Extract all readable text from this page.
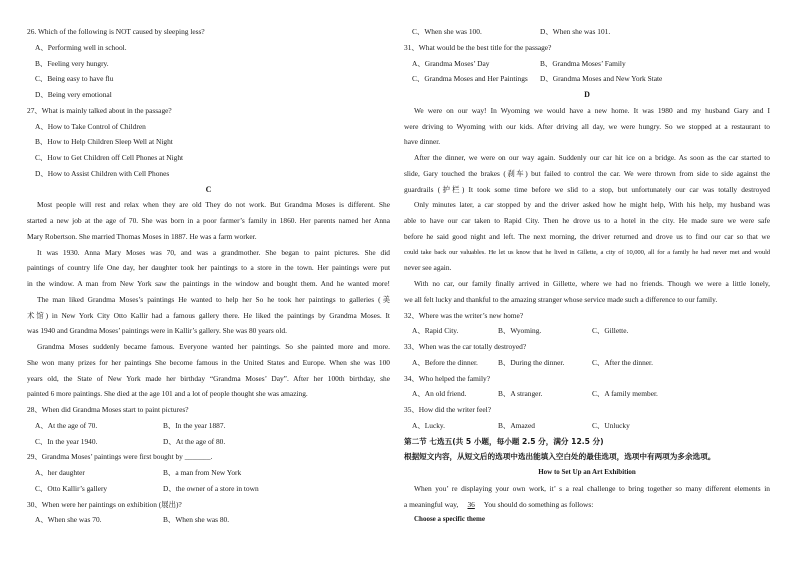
26. Which of the following is NOT caused by sleeping less?
A、Performing well in school.
B、Feeling very hungry.
C、Being easy to have flu
D、Being very emotional
27、What is mainly talked about in the passage?
A、How to Take Control of Children
B、How to Help Children Sleep Well at Night
C、How to Get Children off Cell Phones at Night
D、How to Assist Children with Cell Phones
C
Most people will rest and relax when they are old They do not work. But Grandma Moses is different. She
started a new job at the age of 70. She was born in a poor farmer’s family in 1860. Her parents named her Anna
Mary Robertson. She married Thomas Moses in 1887. He was a farm worker.
It was 1930. Anna Mary Moses was 70, and was a grandmother. She began to paint pictures. She did
paintings of country life One day, her daughter took her paintings to a store in the town. Her paintings were put
in the window. A man from New York saw the paintings in the window and bought them. And he wanted more!
The man liked Grandma Moses’s paintings He wanted to help her So he took her paintings to galleries (美
术馆) in New York City Otto Kallir had a famous gallery there. He liked the paintings by Grandma Moses. It
was 1940 and Grandma Moses’ paintings were in Kallir’s gallery. She was 80 years old.
Grandma Moses suddenly became famous. Everyone wanted her paintings. So she painted more and more.
She won many prizes for her paintings She become famous in the United States and Europe. When she was 100
years old, the State of New York made her birthday “Grandma Moses’ Day”. After her 100th birthday, she
painted 6 more paintings. She died at the age 101 and a lot of people thought she was amazing.
28、When did Grandma Moses start to paint pictures?
A、At the age of 70.	B、In the year 1887.
C、In the year 1940.	D、At the age of 80.
29、Grandma Moses’ paintings were first bought by _______.
A、her daughter	B、a man from New York
C、Otto Kallir’s gallery	D、the owner of a store in town
30、When were her paintings on exhibition (展出)?
A、When she was 70.	B、When she was 80.
C、When she was 100.	D、When she was 101.
31、What would be the best title for the passage?
A、Grandma Moses’ Day	B、Grandma Moses’ Family
C、Grandma Moses and Her Paintings	D、Grandma Moses and New York State
D
We were on our way! In Wyoming we would have a new home. It was 1980 and my husband Gary and I
were driving to Wyoming with our kids. After driving all day, we were hungry. So we stopped at a restaurant to
have dinner.
After the dinner, we were on our way again. Suddenly our car hit ice on a bridge. As soon as the car started to
slide, Gary touched the brakes (刹车) but failed to control the car. We were thrown from side to side against the
guardrails (护栏) It took some time before we slid to a stop, but unfortunately our car was totally destroyed
Only minutes later, a car stopped by and the driver asked how he might help, With his help, my husband was
able to have our car taken to Rapid City. Then he drove us to a hotel in the city. He made sure we were safe
before he said good night and left. The next morning, the driver returned and drove us to find our car so that we
could take back our valuables. He let us know that he lived in Gillette, a city of 10,000, all for a family he had never met and would
never see again.
With no car, our family finally arrived in Gillette, where we had no friends. Though we were a little lonely,
we all felt lucky and thankful to the amazing stranger whose service made such a difference to our family.
32、Where was the writer’s new home?
A、Rapid City.	B、Wyoming.	C、Gillette.
33、When was the car totally destroyed?
A、Before the dinner.	B、During the dinner.	C、After the dinner.
34、Who helped the family?
A、An old friend.	B、A stranger.	C、A family member.
35、How did the writer feel?
A、Lucky.	B、Amazed	C、Unlucky
第二节 七选五(共 5 小题，每小题 2.5 分，满分 12.5 分)
根据短文内容，从短文后的选项中选出能填入空白处的最佳选项，选项中有两项为多余选项。
How to Set Up an Art Exhibition
When you’ re displaying your own work, it’ s a real challenge to bring together so many different elements in
a meaningful way, 36 You should do something as follows:
Choose a specific theme
